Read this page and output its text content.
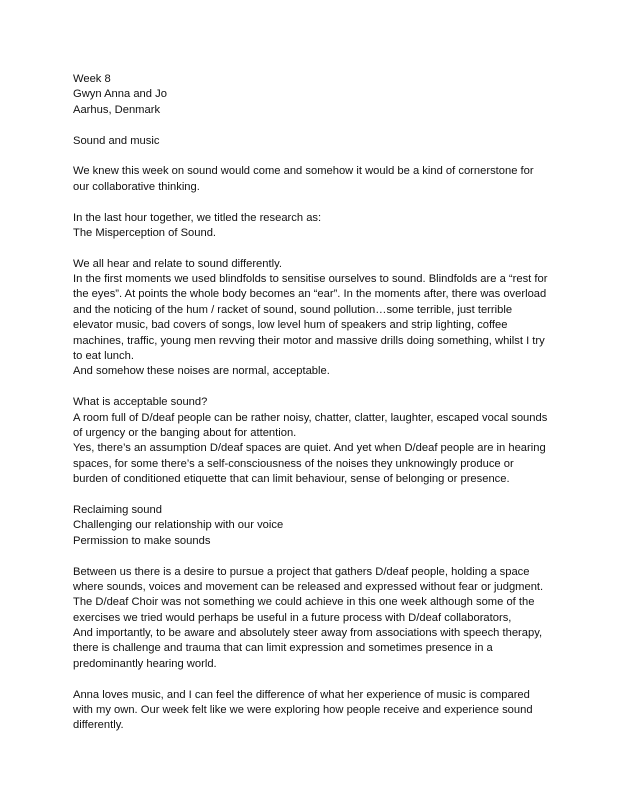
Week 8
Gwyn Anna and Jo
Aarhus, Denmark
Sound and music
We knew this week on sound would come and somehow it would be a kind of cornerstone for
our collaborative thinking.
In the last hour together, we titled the research as:
The Misperception of Sound.
We all hear and relate to sound differently.
In the first moments we used blindfolds to sensitise ourselves to sound. Blindfolds are a “rest for
the eyes”. At points the whole body becomes an “ear”. In the moments after, there was overload
and the noticing of the hum / racket of sound, sound pollution…some terrible, just terrible
elevator music, bad covers of songs, low level hum of speakers and strip lighting, coffee
machines, traffic, young men revving their motor and massive drills doing something, whilst I try
to eat lunch.
And somehow these noises are normal, acceptable.
What is acceptable sound?
A room full of D/deaf people can be rather noisy, chatter, clatter, laughter, escaped vocal sounds
of urgency or the banging about for attention.
Yes, there’s an assumption D/deaf spaces are quiet. And yet when D/deaf people are in hearing
spaces, for some there’s a self-consciousness of the noises they unknowingly produce or
burden of conditioned etiquette that can limit behaviour, sense of belonging or presence.
Reclaiming sound
Challenging our relationship with our voice
Permission to make sounds
Between us there is a desire to pursue a project that gathers D/deaf people, holding a space
where sounds, voices and movement can be released and expressed without fear or judgment.
The D/deaf Choir was not something we could achieve in this one week although some of the
exercises we tried would perhaps be useful in a future process with D/deaf collaborators,
And importantly, to be aware and absolutely steer away from associations with speech therapy,
there is challenge and trauma that can limit expression and sometimes presence in a
predominantly hearing world.
Anna loves music, and I can feel the difference of what her experience of music is compared
with my own. Our week felt like we were exploring how people receive and experience sound
differently.
